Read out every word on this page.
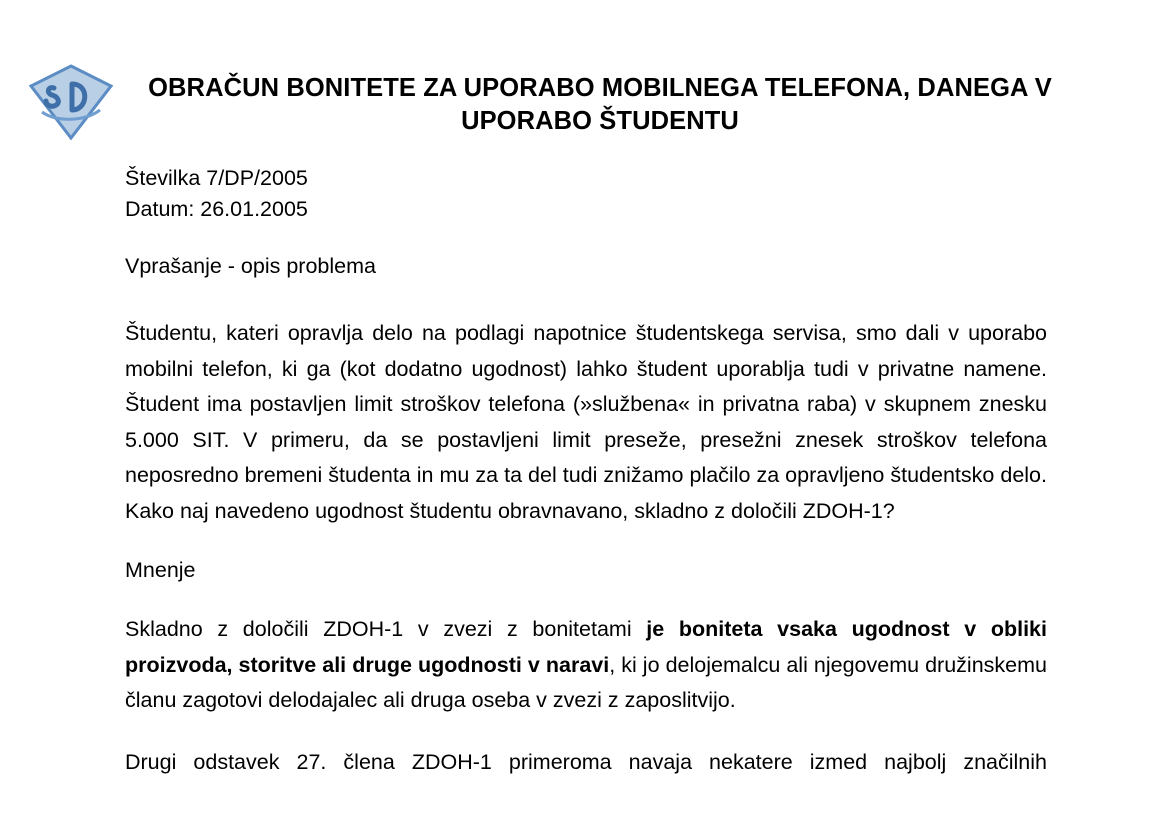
OBRAČUN BONITETE ZA UPORABO MOBILNEGA TELEFONA, DANEGA V UPORABO ŠTUDENTU
Številka 7/DP/2005
Datum: 26.01.2005
Vprašanje - opis problema

Študentu, kateri opravlja delo na podlagi napotnice študentskega servisa, smo dali v uporabo mobilni telefon, ki ga (kot dodatno ugodnost) lahko študent uporablja tudi v privatne namene. Študent ima postavljen limit stroškov telefona (»službena« in privatna raba) v skupnem znesku 5.000 SIT. V primeru, da se postavljeni limit preseže, presežni znesek stroškov telefona neposredno bremeni študenta in mu za ta del tudi znižamo plačilo za opravljeno študentsko delo. Kako naj navedeno ugodnost študentu obravnavano, skladno z določili ZDOH-1?

Mnenje

Skladno z določili ZDOH-1 v zvezi z bonitetami je boniteta vsaka ugodnost v obliki proizvoda, storitve ali druge ugodnosti v naravi, ki jo delojemalcu ali njegovemu družinskemu članu zagotovi delodajalec ali druga oseba v zvezi z zaposlitvijo.

Drugi odstavek 27. člena ZDOH-1 primeroma navaja nekatere izmed najbolj značilnih
